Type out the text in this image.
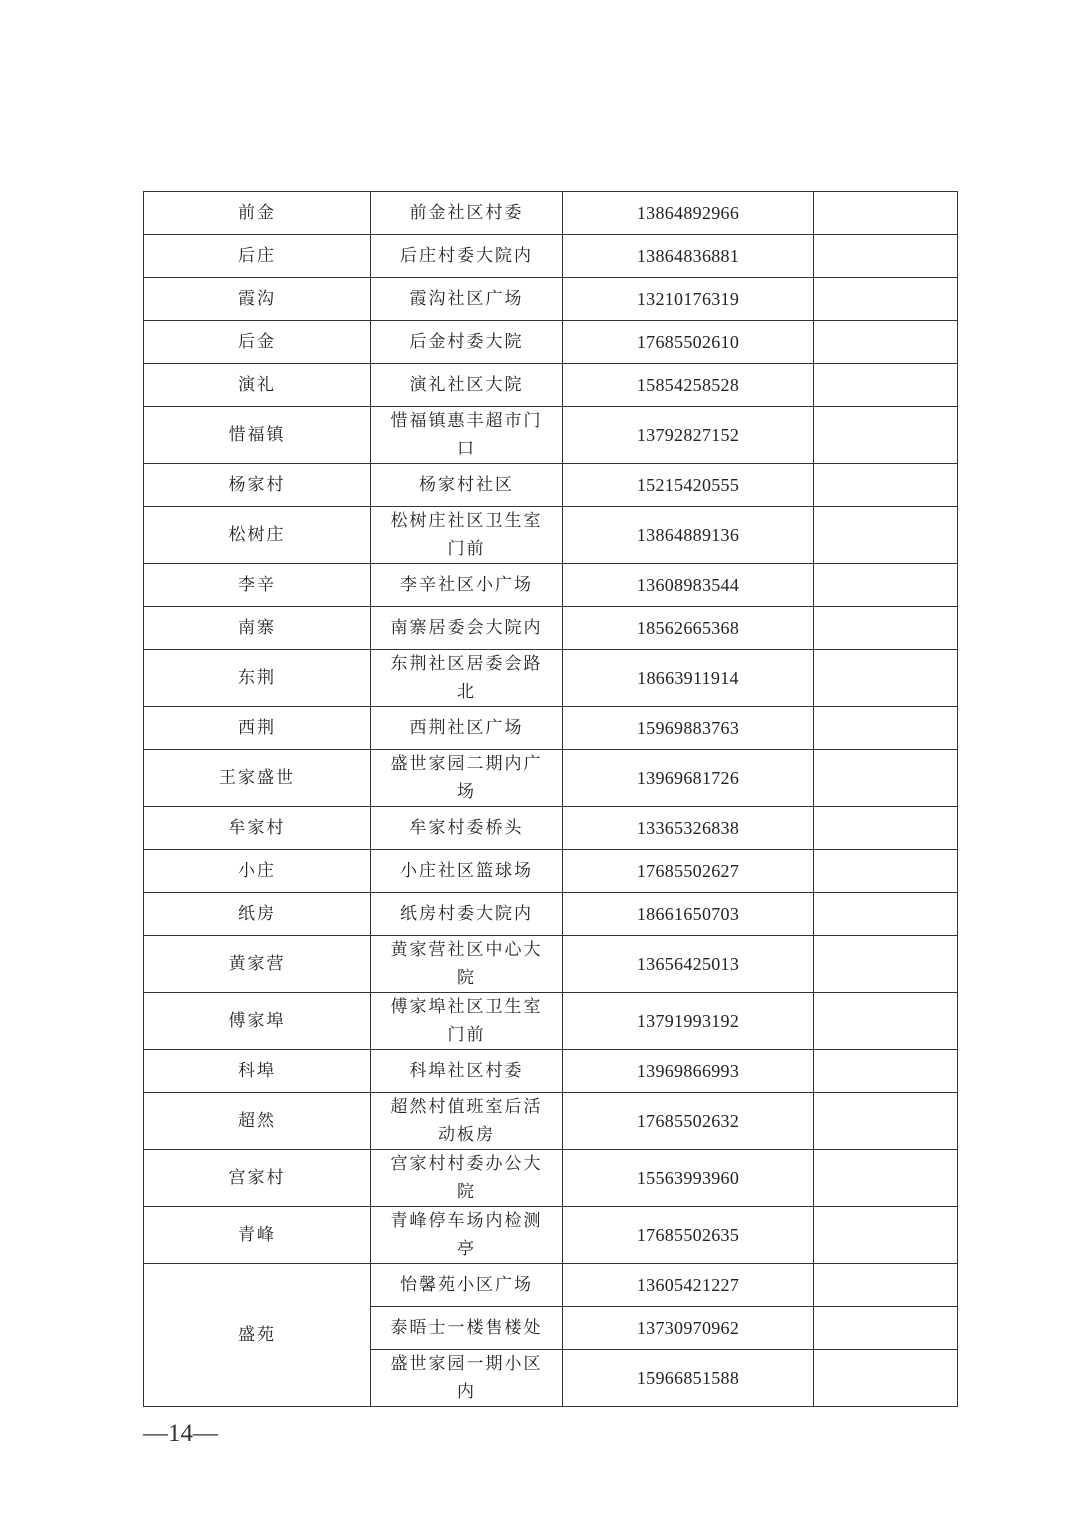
前金	前金社区村委	13864892966	
后庄	后庄村委大院内	13864836881	
霞沟	霞沟社区广场	13210176319	
后金	后金村委大院	17685502610	
演礼	演礼社区大院	15854258528	
惜福镇	惜福镇惠丰超市门口	13792827152	
杨家村	杨家村社区	15215420555	
松树庄	松树庄社区卫生室门前	13864889136	
李辛	李辛社区小广场	13608983544	
南寨	南寨居委会大院内	18562665368	
东荆	东荆社区居委会路北	18663911914	
西荆	西荆社区广场	15969883763	
王家盛世	盛世家园二期内广场	13969681726	
牟家村	牟家村委桥头	13365326838	
小庄	小庄社区篮球场	17685502627	
纸房	纸房村委大院内	18661650703	
黄家营	黄家营社区中心大院	13656425013	
傅家埠	傅家埠社区卫生室门前	13791993192	
科埠	科埠社区村委	13969866993	
超然	超然村值班室后活动板房	17685502632	
宫家村	宫家村村委办公大院	15563993960	
青峰	青峰停车场内检测亭	17685502635	
盛苑	怡馨苑小区广场	13605421227	
	泰晤士一楼售楼处	13730970962	
	盛世家园一期小区内	15966851588	
—14—
